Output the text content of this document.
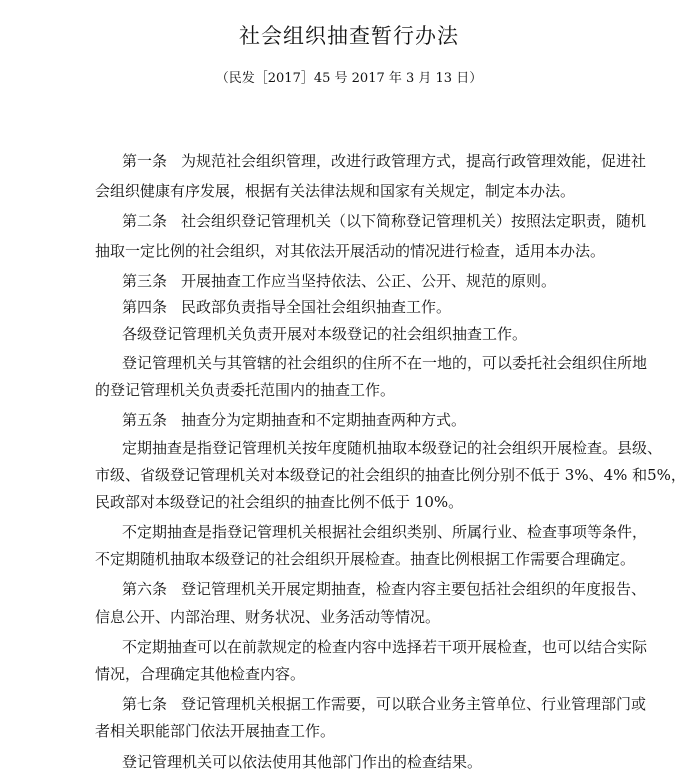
社会组织抽查暂行办法

（民发［2017］45 号 2017 年 3 月 13 日）

第一条 为规范社会组织管理，改进行政管理方式，提高行政管理效能，促进社

会组织健康有序发展，根据有关法律法规和国家有关规定，制定本办法。

第二条 社会组织登记管理机关（以下简称登记管理机关）按照法定职责，随机

抽取一定比例的社会组织，对其依法开展活动的情况进行检查，适用本办法。

第三条 开展抽查工作应当坚持依法、公正、公开、规范的原则。

第四条 民政部负责指导全国社会组织抽查工作。

各级登记管理机关负责开展对本级登记的社会组织抽查工作。

登记管理机关与其管辖的社会组织的住所不在一地的，可以委托社会组织住所地

的登记管理机关负责委托范围内的抽查工作。

第五条 抽查分为定期抽查和不定期抽查两种方式。

定期抽查是指登记管理机关按年度随机抽取本级登记的社会组织开展检查。县级、

市级、省级登记管理机关对本级登记的社会组织的抽查比例分别不低于 3%、4% 和5%，

民政部对本级登记的社会组织的抽查比例不低于 10%。

不定期抽查是指登记管理机关根据社会组织类别、所属行业、检查事项等条件，

不定期随机抽取本级登记的社会组织开展检查。抽查比例根据工作需要合理确定。

第六条 登记管理机关开展定期抽查，检查内容主要包括社会组织的年度报告、

信息公开、内部治理、财务状况、业务活动等情况。

不定期抽查可以在前款规定的检查内容中选择若干项开展检查，也可以结合实际

情况，合理确定其他检查内容。

第七条 登记管理机关根据工作需要，可以联合业务主管单位、行业管理部门或

者相关职能部门依法开展抽查工作。

登记管理机关可以依法使用其他部门作出的检查结果。
